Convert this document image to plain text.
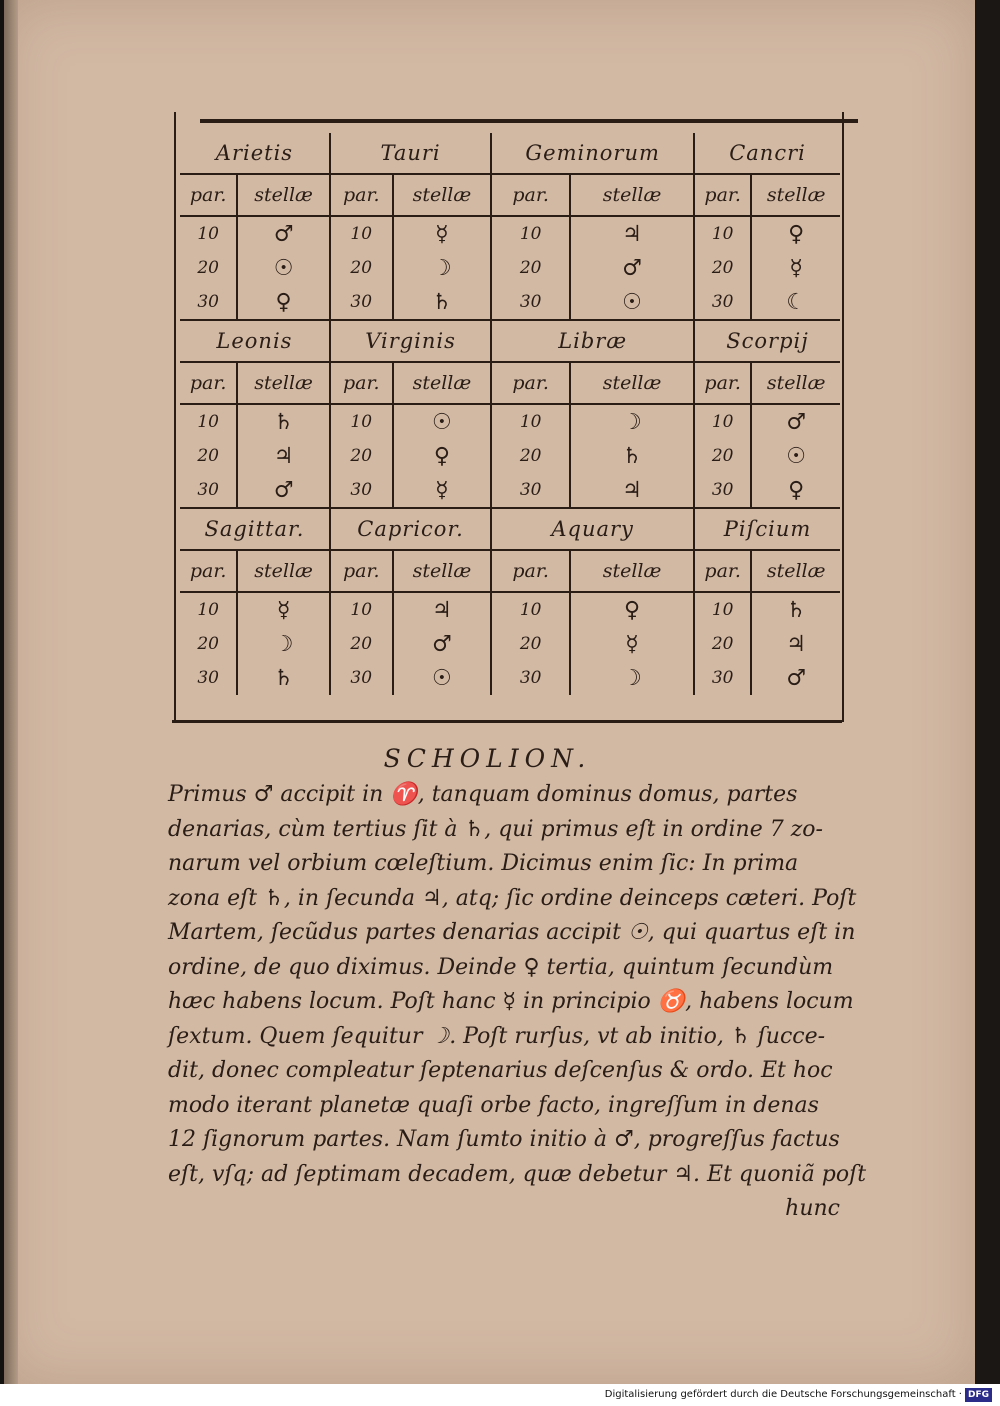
Arietis		Tauri		Geminorum		Cancri	
par.	stellæ	par.	stellæ	par.	stellæ	par.	stellæ
10	♂	10	☿	10	♃	10	♀
20	☉	20	☽	20	♂	20	☿
30	♀	30	♄	30	☉	30	☾
Leonis		Virginis		Libræ		Scorpij	
par.	stellæ	par.	stellæ	par.	stellæ	par.	stellæ
10	♄	10	☉	10	☽	10	♂
20	♃	20	♀	20	♄	20	☉
30	♂	30	☿	30	♃	30	♀
Sagittar.		Capricor.		Aquary		Piſcium	
par.	stellæ	par.	stellæ	par.	stellæ	par.	stellæ
10	☿	10	♃	10	♀	10	♄
20	☽	20	♂	20	☿	20	♃
30	♄	30	☉	30	☽	30	♂
SCHOLION.
Primus ♂ accipit in ♈, tanquam dominus domus, partes
denarias, cùm tertius ſit à ♄, qui primus eſt in ordine 7 zo-
narum vel orbium cœleſtium. Dicimus enim ſic: In prima
zona eſt ♄, in ſecunda ♃, atq; ſic ordine deinceps cæteri. Poſt
Martem, ſecũdus partes denarias accipit ☉, qui quartus eſt in
ordine, de quo diximus. Deinde ♀ tertia, quintum ſecundùm
hæc habens locum. Poſt hanc ☿ in principio ♉, habens locum
ſextum. Quem ſequitur ☽. Poſt rurſus, vt ab initio, ♄ ſucce-
dit, donec compleatur ſeptenarius deſcenſus & ordo. Et hoc
modo iterant planetæ quaſi orbe facto, ingreſſum in denas
12 ſignorum partes. Nam ſumto initio à ♂, progreſſus factus
eſt, vſq; ad ſeptimam decadem, quæ debetur ♃. Et quoniã poſt
hunc
Digitalisierung gefördert durch die Deutsche Forschungsgemeinschaft · DFG
